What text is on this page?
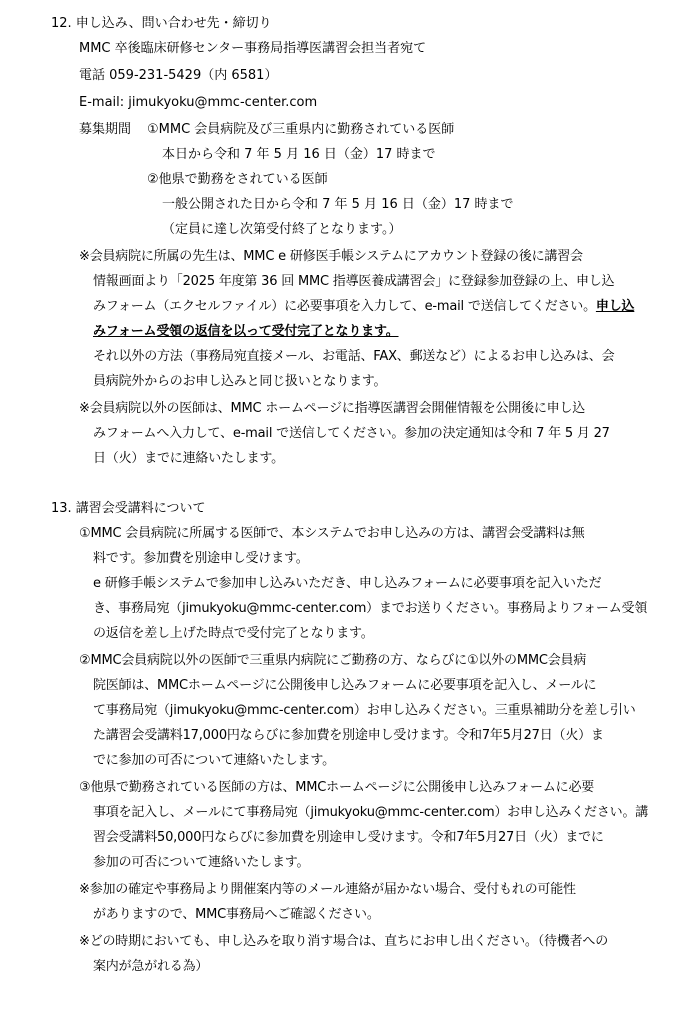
12. 申し込み、問い合わせ先・締切り
MMC 卒後臨床研修センター事務局指導医講習会担当者宛て
電話 059-231-5429（内 6581）
E-mail: jimukyoku@mmc-center.com
募集期間 ①MMC 会員病院及び三重県内に勤務されている医師
本日から令和 7 年 5 月 16 日（金）17 時まで
②他県で勤務をされている医師
一般公開された日から令和 7 年 5 月 16 日（金）17 時まで
（定員に達し次第受付終了となります。）
※会員病院に所属の先生は、MMC e 研修医手帳システムにアカウント登録の後に講習会
情報画面より「2025 年度第 36 回 MMC 指導医養成講習会」に登録参加登録の上、申し込
みフォーム（エクセルファイル）に必要事項を入力して、e-mail で送信してください。申し込
みフォーム受領の返信を以って受付完了となります。
それ以外の方法（事務局宛直接メール、お電話、FAX、郵送など）によるお申し込みは、会
員病院外からのお申し込みと同じ扱いとなります。
※会員病院以外の医師は、MMC ホームページに指導医講習会開催情報を公開後に申し込
みフォームへ入力して、e-mail で送信してください。参加の決定通知は令和 7 年 5 月 27
日（火）までに連絡いたします。
13. 講習会受講料について
①MMC 会員病院に所属する医師で、本システムでお申し込みの方は、講習会受講料は無
料です。参加費を別途申し受けます。
e 研修手帳システムで参加申し込みいただき、申し込みフォームに必要事項を記入いただ
き、事務局宛（jimukyoku@mmc-center.com）までお送りください。事務局よりフォーム受領
の返信を差し上げた時点で受付完了となります。
②MMC会員病院以外の医師で三重県内病院にご勤務の方、ならびに①以外のMMC会員病
院医師は、MMCホームページに公開後申し込みフォームに必要事項を記入し、メールに
て事務局宛（jimukyoku@mmc-center.com）お申し込みください。三重県補助分を差し引い
た講習会受講料17,000円ならびに参加費を別途申し受けます。令和7年5月27日（火）ま
でに参加の可否について連絡いたします。
③他県で勤務されている医師の方は、MMCホームページに公開後申し込みフォームに必要
事項を記入し、メールにて事務局宛（jimukyoku@mmc-center.com）お申し込みください。講
習会受講料50,000円ならびに参加費を別途申し受けます。令和7年5月27日（火）までに
参加の可否について連絡いたします。
※参加の確定や事務局より開催案内等のメール連絡が届かない場合、受付もれの可能性
がありますので、MMC事務局へご確認ください。
※どの時期においても、申し込みを取り消す場合は、直ちにお申し出ください。（待機者への
案内が急がれる為）
